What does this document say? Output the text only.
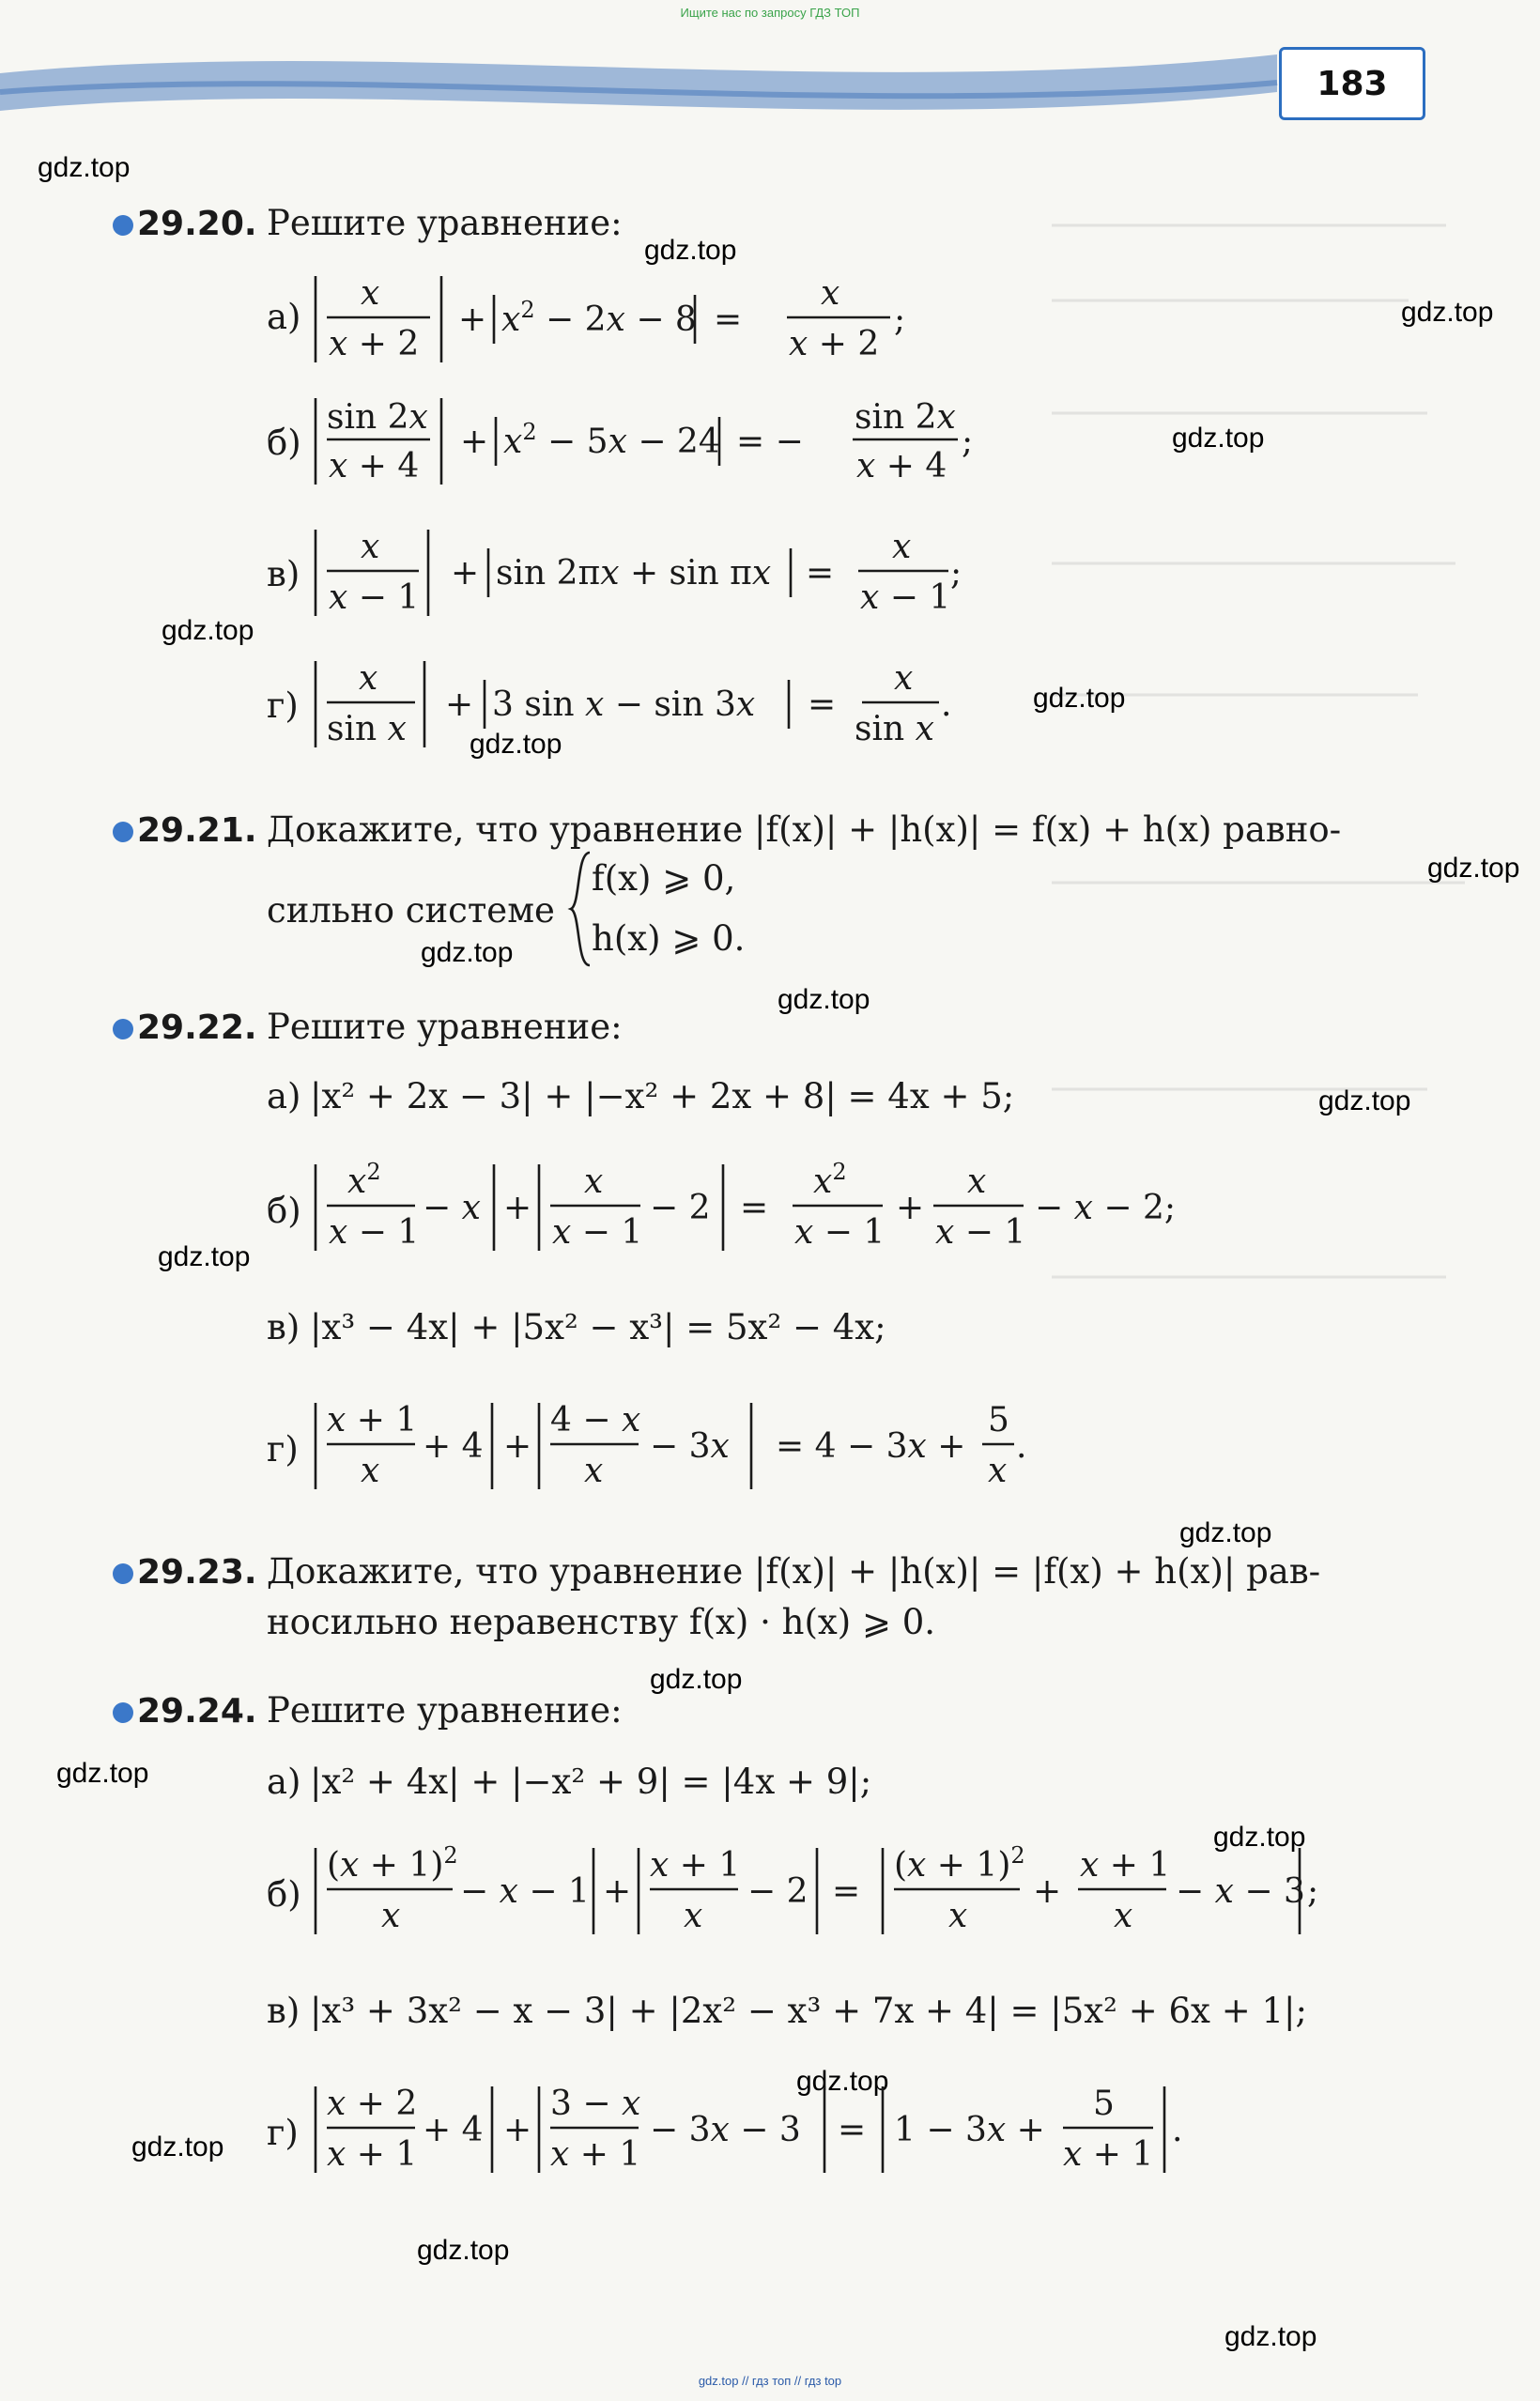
Ищите нас по запросу ГДЗ ТОП
183
gdz.top
gdz.top
gdz.top
gdz.top
gdz.top
gdz.top
gdz.top
gdz.top
gdz.top
gdz.top
gdz.top
gdz.top
gdz.top
gdz.top
gdz.top
gdz.top
gdz.top
gdz.top
gdz.top
gdz.top
29.20. Решите уравнение:
а)
x
x + 2
+ $x^2 - 2x - 8$ =
x
x + 2
;
б)
sin 2x
x + 4
+ $x^2 - 5x - 24$ = −
sin 2x
x + 4
;
в)
x
x − 1
+ sin 2πx + sin πx =
x
x − 1
;
г)
x
sin x
+ 3 sin x − sin 3x =
x
sin x
.
29.21. Докажите, что уравнение |f(x)| + |h(x)| = f(x) + h(x) равно-
сильно системе
f(x) ⩾ 0,
h(x) ⩾ 0.
29.22. Решите уравнение:
а) |x² + 2x − 3| + |−x² + 2x + 8| = 4x + 5;
б)
$x^2$
x − 1
− x +
x
x − 1
− 2 =
$x^2$
x − 1
+
x
x − 1
− x − 2;
в) |x³ − 4x| + |5x² − x³| = 5x² − 4x;
г)
x + 1
x
+ 4 +
4 − x
x
− 3x = 4 − 3x +
5
x
.
29.23. Докажите, что уравнение |f(x)| + |h(x)| = |f(x) + h(x)| рав-
носильно неравенству f(x) · h(x) ⩾ 0.
29.24. Решите уравнение:
а) |x² + 4x| + |−x² + 9| = |4x + 9|;
б)
$(x + 1)^2$
x
− x − 1 +
x + 1
x
− 2 =
$(x + 1)^2$
x
+
x + 1
x
− x − 3 ;
в) |x³ + 3x² − x − 3| + |2x² − x³ + 7x + 4| = |5x² + 6x + 1|;
г)
x + 2
x + 1
+ 4 +
3 − x
x + 1
− 3x − 3 = 1 − 3x +
5
x + 1
.
gdz.top // гдз топ // гдз top
